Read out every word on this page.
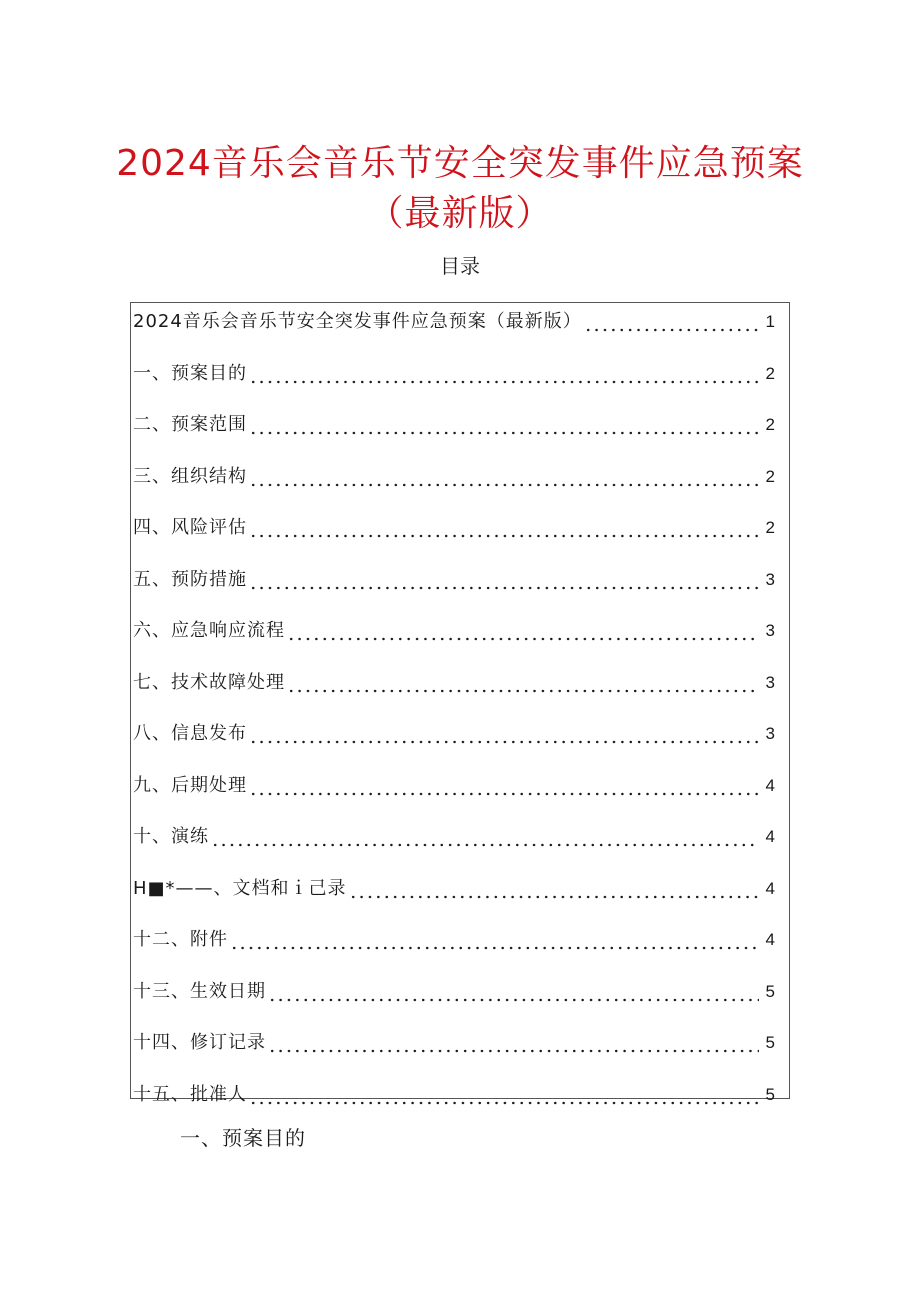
2024音乐会音乐节安全突发事件应急预案
（最新版）
目录
2024音乐会音乐节安全突发事件应急预案（最新版）	1
一、预案目的	2
二、预案范围	2
三、组织结构	2
四、风险评估	2
五、预防措施	3
六、应急响应流程	3
七、技术故障处理	3
八、信息发布	3
九、后期处理	4
十、演练	4
H■*——、文档和ｉ己录	4
十二、附件	4
十三、生效日期	5
十四、修订记录	5
十五、批准人	5
一、预案目的
